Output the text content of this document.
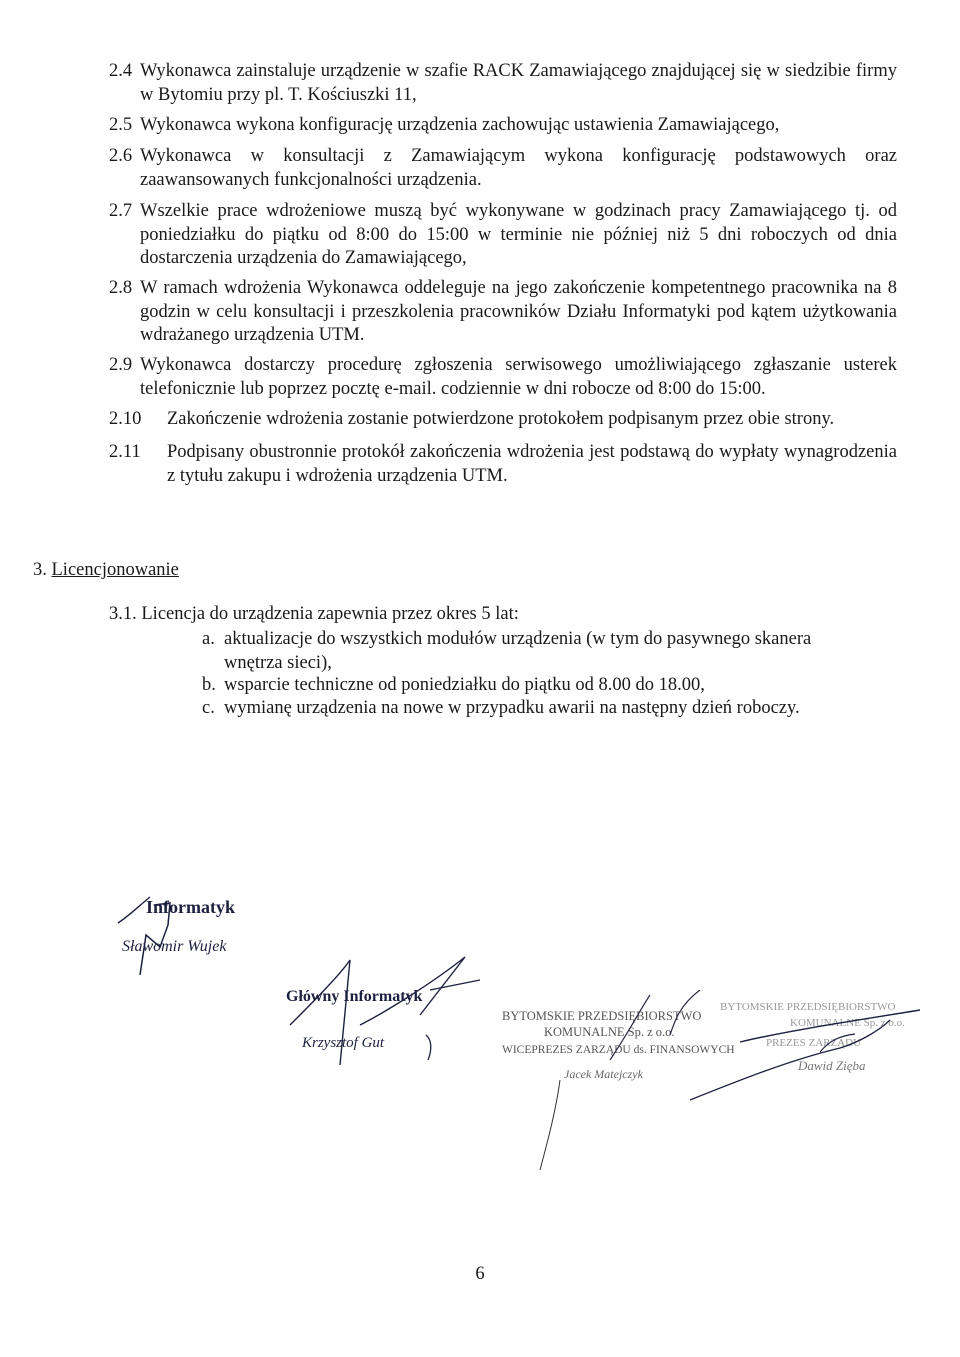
2.4 Wykonawca zainstaluje urządzenie w szafie RACK Zamawiającego znajdującej się w siedzibie firmy w Bytomiu przy pl. T. Kościuszki 11,
2.5 Wykonawca wykona konfigurację urządzenia zachowując ustawienia Zamawiającego,
2.6 Wykonawca w konsultacji z Zamawiającym wykona konfigurację podstawowych oraz zaawansowanych funkcjonalności urządzenia.
2.7 Wszelkie prace wdrożeniowe muszą być wykonywane w godzinach pracy Zamawiającego tj. od poniedziałku do piątku od 8:00 do 15:00 w terminie nie później niż 5 dni roboczych od dnia dostarczenia urządzenia do Zamawiającego,
2.8 W ramach wdrożenia Wykonawca oddeleguje na jego zakończenie kompetentnego pracownika na 8 godzin w celu konsultacji i przeszkolenia pracowników Działu Informatyki pod kątem użytkowania wdrażanego urządzenia UTM.
2.9 Wykonawca dostarczy procedurę zgłoszenia serwisowego umożliwiającego zgłaszanie usterek telefonicznie lub poprzez pocztę e-mail. codziennie w dni robocze od 8:00 do 15:00.
2.10 Zakończenie wdrożenia zostanie potwierdzone protokołem podpisanym przez obie strony.
2.11 Podpisany obustronnie protokół zakończenia wdrożenia jest podstawą do wypłaty wynagrodzenia z tytułu zakupu i wdrożenia urządzenia UTM.
3. Licencjonowanie
3.1. Licencja do urządzenia zapewnia przez okres 5 lat:
a. aktualizacje do wszystkich modułów urządzenia (w tym do pasywnego skanera wnętrza sieci),
b. wsparcie techniczne od poniedziałku do piątku od 8.00 do 18.00,
c. wymianę urządzenia na nowe w przypadku awarii na następny dzień roboczy.
Informatyk
Sławomir Wujek
Główny Informatyk
Krzysztof Gut
BYTOMSKIE PRZEDSIĘBIORSTWO
KOMUNALNE Sp. z o.o.
WICEPREZES ZARZĄDU ds. FINANSOWYCH
Jacek Matejczyk
BYTOMSKIE PRZEDSIĘBIORSTWO
KOMUNALNE Sp. z o.o.
PREZES ZARZĄDU
Dawid Zięba
6
